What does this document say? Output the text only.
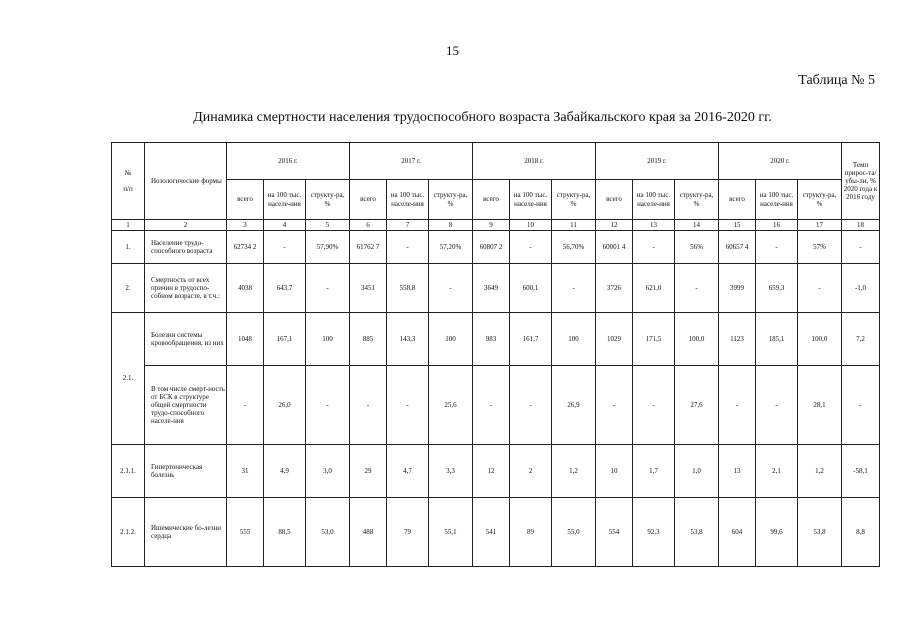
15
Таблица № 5
Динамика смертности населения трудоспособного возраста Забайкальского края за 2016-2020 гг.
№

п/п	Нозологические формы	2016 г.			2017 г.			2018 г.			2019 г.			2020 г.			Темп прирос-та/ убы-ли, % 2020 года к 2016 году
		всего	на 100 тыс. населе-ния	структу-ра, %	всего	на 100 тыс. населе-ния	структу-ра, %	всего	на 100 тыс. населе-ния	структу-ра, %	всего	на 100 тыс. населе-ния	структу-ра, %	всего	на 100 тыс. населе-ния	структу-ра, %	
1	2	3	4	5	6	7	8	9	10	11	12	13	14	15	16	17	18
1.	Население трудо-способного возраста	62734 2	-	57,90%	61762 7	-	57,20%	60807 2	-	56,70%	60001 4	-	56%	60657 4	-	57%	-
2.	Смертность от всех причин в трудоспо-собном возрасте, в т.ч.:	4038	643,7	-	3451	558,8	-	3649	600,1	-	3726	621,0	-	3999	659,3	-	-1,0
2.1.	Болезни системы кровообращения, из них	1048	167,1	100	885	143,3	100	983	161,7	100	1029	171,5	100,0	1123	185,1	100,0	7,2
	В том числе смерт-ность от БСК в структуре общей смертности трудо-способного населе-ния	-	26,0	-	-	-	25,6	-	-	26,9	-	-	27,6	-	-	28,1	-
2.1.1.	Гипертоническая болезнь	31	4,9	3,0	29	4,7	3,3	12	2	1,2	10	1,7	1,0	13	2,1	1,2	-58,1
2.1.2.	Ишемические бо-лезни сердца	555	88,5	53,0	488	79	55,1	541	89	55,0	554	92,3	53,8	604	99,6	53,8	8,8
